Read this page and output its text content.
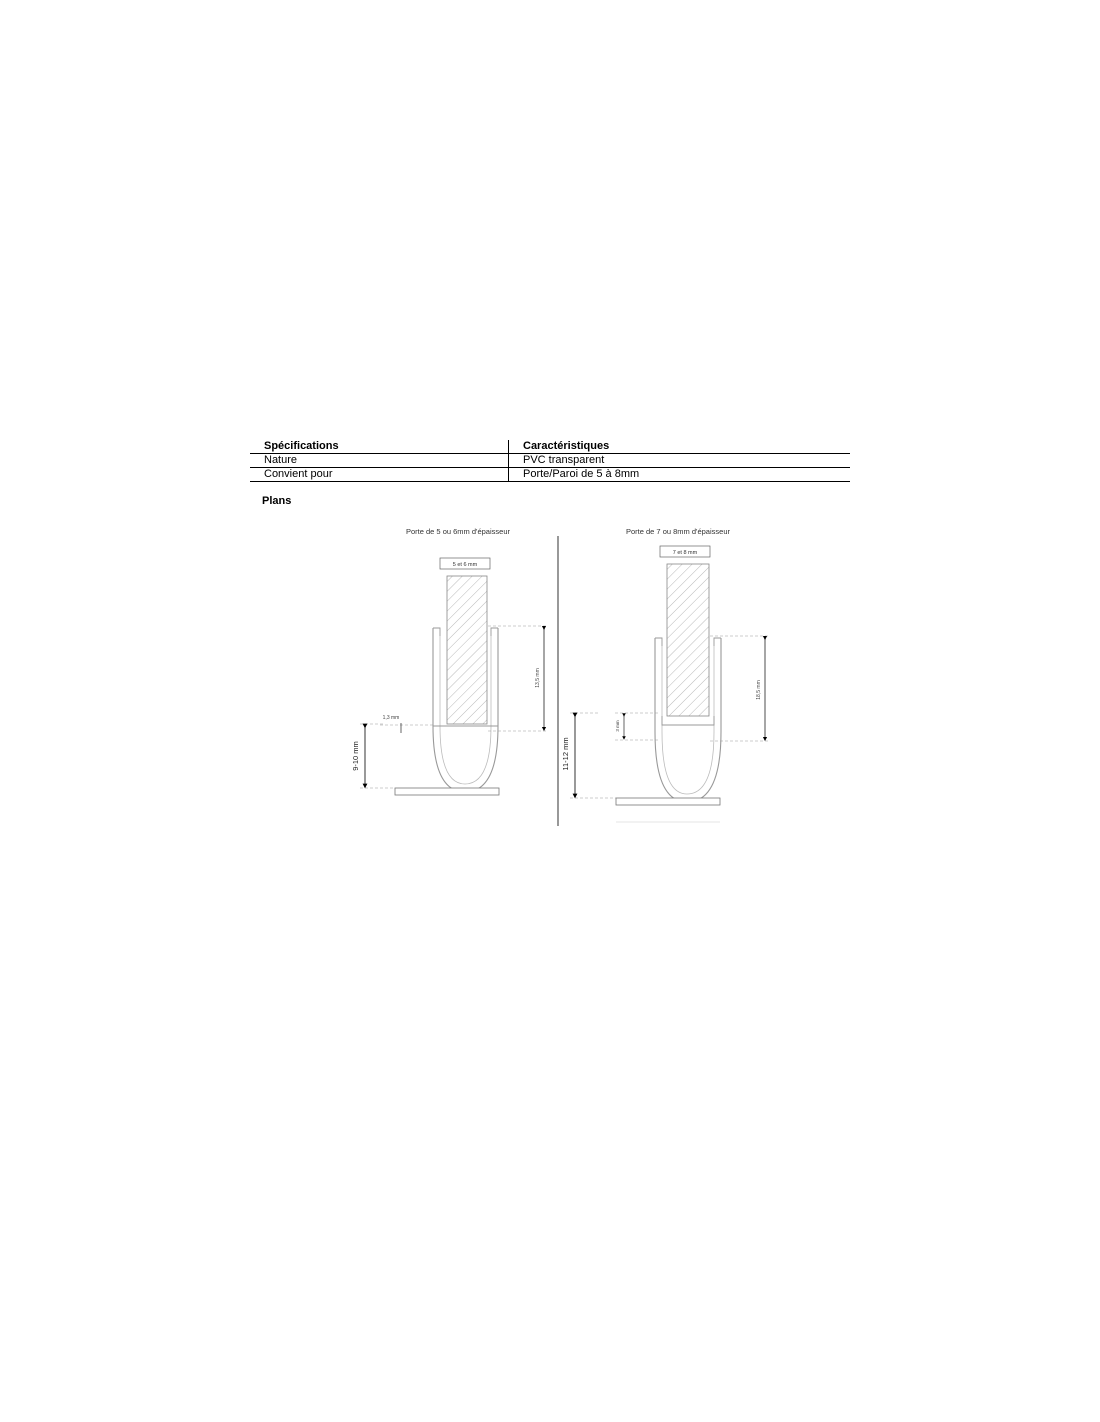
Spécifications	Caractéristiques
Nature	PVC transparent
Convient pour	Porte/Paroi de 5 à 8mm
Plans
Porte de 5 ou 6mm d'épaisseur
5 et 6 mm
13,5 mm
1,3 mm
9-10 mm
Porte de 7 ou 8mm d'épaisseur
7 et 8 mm
18,5 mm
3 mm
11-12 mm
